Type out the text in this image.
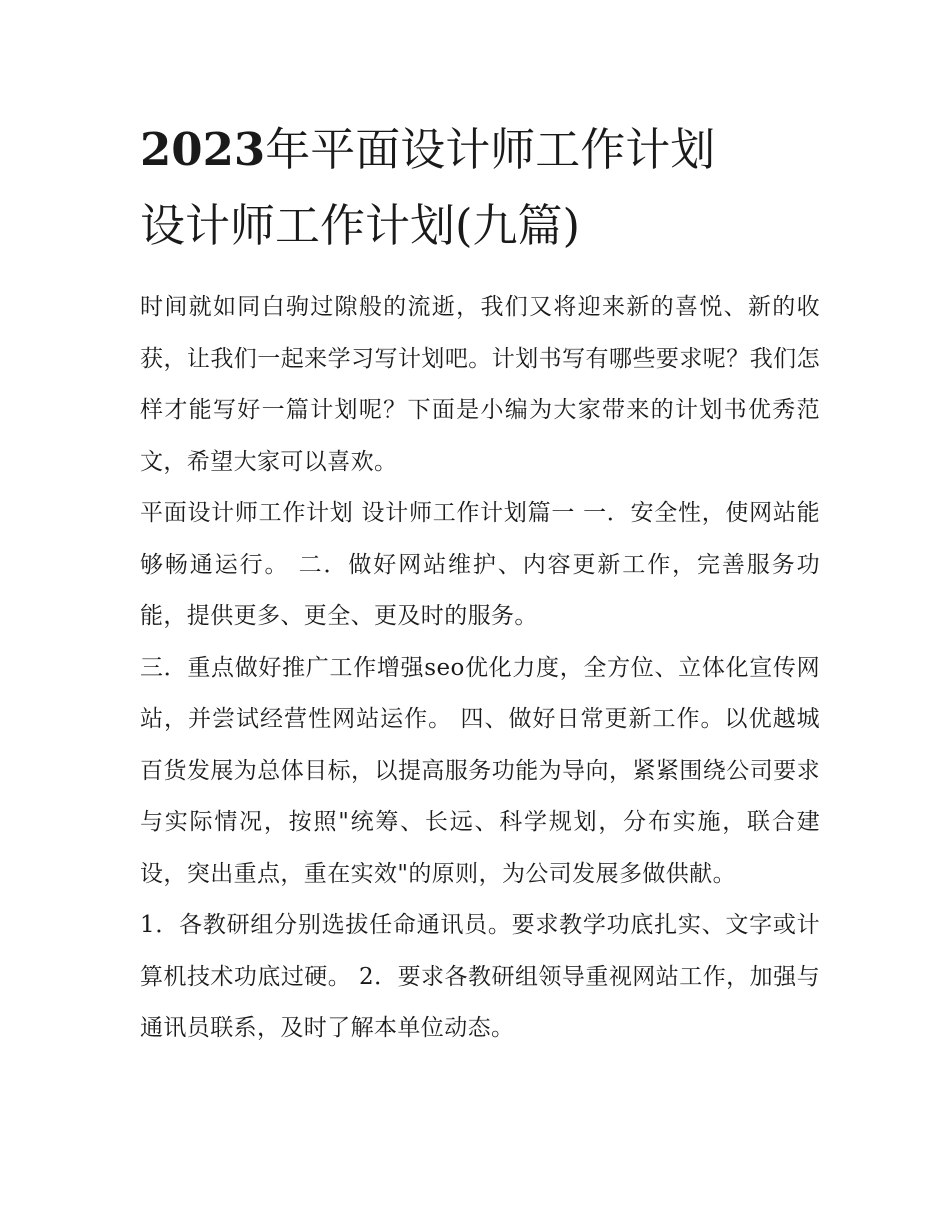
2023年平面设计师工作计划
设计师工作计划(九篇)

时间就如同白驹过隙般的流逝，我们又将迎来新的喜悦、新的收获，让我们一起来学习写计划吧。计划书写有哪些要求呢？我们怎样才能写好一篇计划呢？下面是小编为大家带来的计划书优秀范文，希望大家可以喜欢。

平面设计师工作计划 设计师工作计划篇一 一．安全性，使网站能够畅通运行。 二．做好网站维护、内容更新工作，完善服务功能，提供更多、更全、更及时的服务。

三．重点做好推广工作增强seo优化力度，全方位、立体化宣传网站，并尝试经营性网站运作。 四、做好日常更新工作。以优越城百货发展为总体目标，以提高服务功能为导向，紧紧围绕公司要求与实际情况，按照"统筹、长远、科学规划，分布实施，联合建设，突出重点，重在实效"的原则，为公司发展多做供献。

1．各教研组分别选拔任命通讯员。要求教学功底扎实、文字或计算机技术功底过硬。 2．要求各教研组领导重视网站工作，加强与通讯员联系，及时了解本单位动态。
